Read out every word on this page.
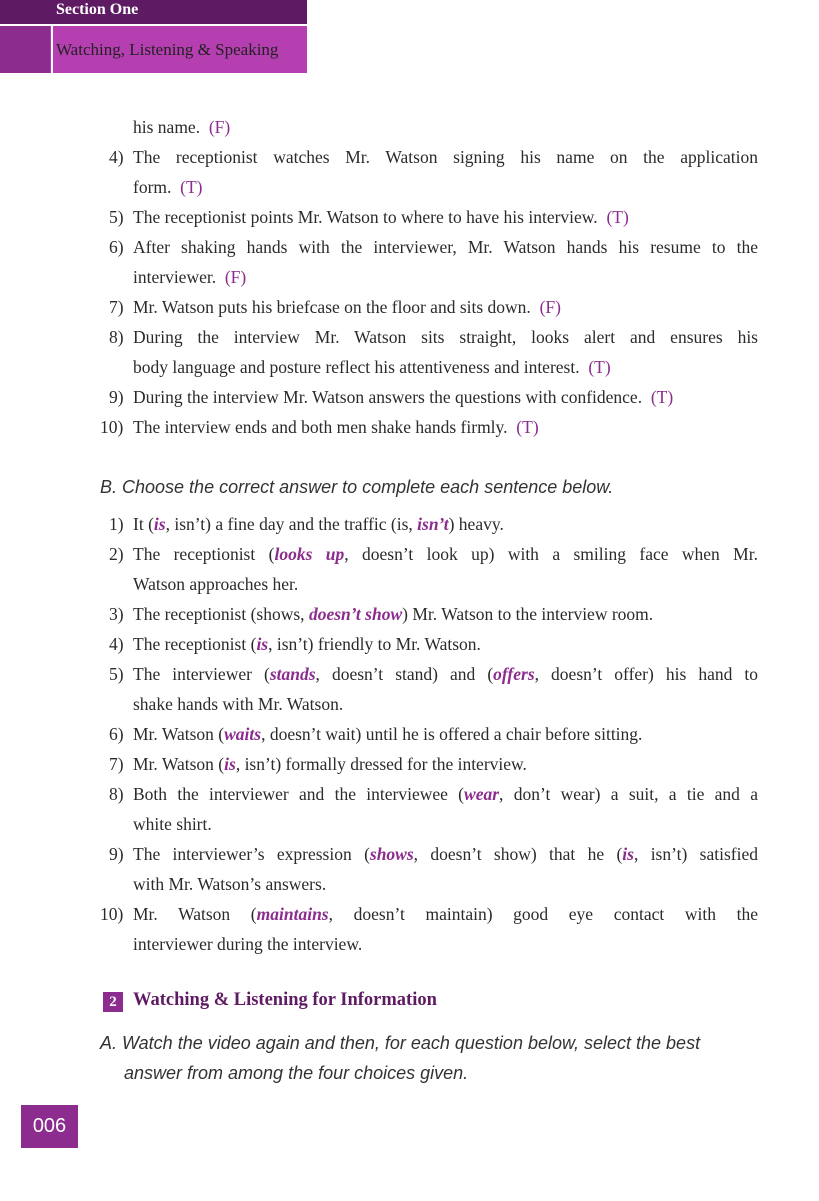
Section One
Watching, Listening & Speaking
his name. (F)
4) The receptionist watches Mr. Watson signing his name on the application
form. (T)
5) The receptionist points Mr. Watson to where to have his interview. (T)
6) After shaking hands with the interviewer, Mr. Watson hands his resume to the
interviewer. (F)
7) Mr. Watson puts his briefcase on the floor and sits down. (F)
8) During the interview Mr. Watson sits straight, looks alert and ensures his
body language and posture reflect his attentiveness and interest. (T)
9) During the interview Mr. Watson answers the questions with confidence. (T)
10) The interview ends and both men shake hands firmly. (T)
B. Choose the correct answer to complete each sentence below.
1) It (is, isn’t) a fine day and the traffic (is, isn’t) heavy.
2) The receptionist (looks up, doesn’t look up) with a smiling face when Mr.
Watson approaches her.
3) The receptionist (shows, doesn’t show) Mr. Watson to the interview room.
4) The receptionist (is, isn’t) friendly to Mr. Watson.
5) The interviewer (stands, doesn’t stand) and (offers, doesn’t offer) his hand to
shake hands with Mr. Watson.
6) Mr. Watson (waits, doesn’t wait) until he is offered a chair before sitting.
7) Mr. Watson (is, isn’t) formally dressed for the interview.
8) Both the interviewer and the interviewee (wear, don’t wear) a suit, a tie and a
white shirt.
9) The interviewer’s expression (shows, doesn’t show) that he (is, isn’t) satisfied
with Mr. Watson’s answers.
10) Mr. Watson (maintains, doesn’t maintain) good eye contact with the
interviewer during the interview.
2 Watching & Listening for Information
A. Watch the video again and then, for each question below, select the best
answer from among the four choices given.
006
